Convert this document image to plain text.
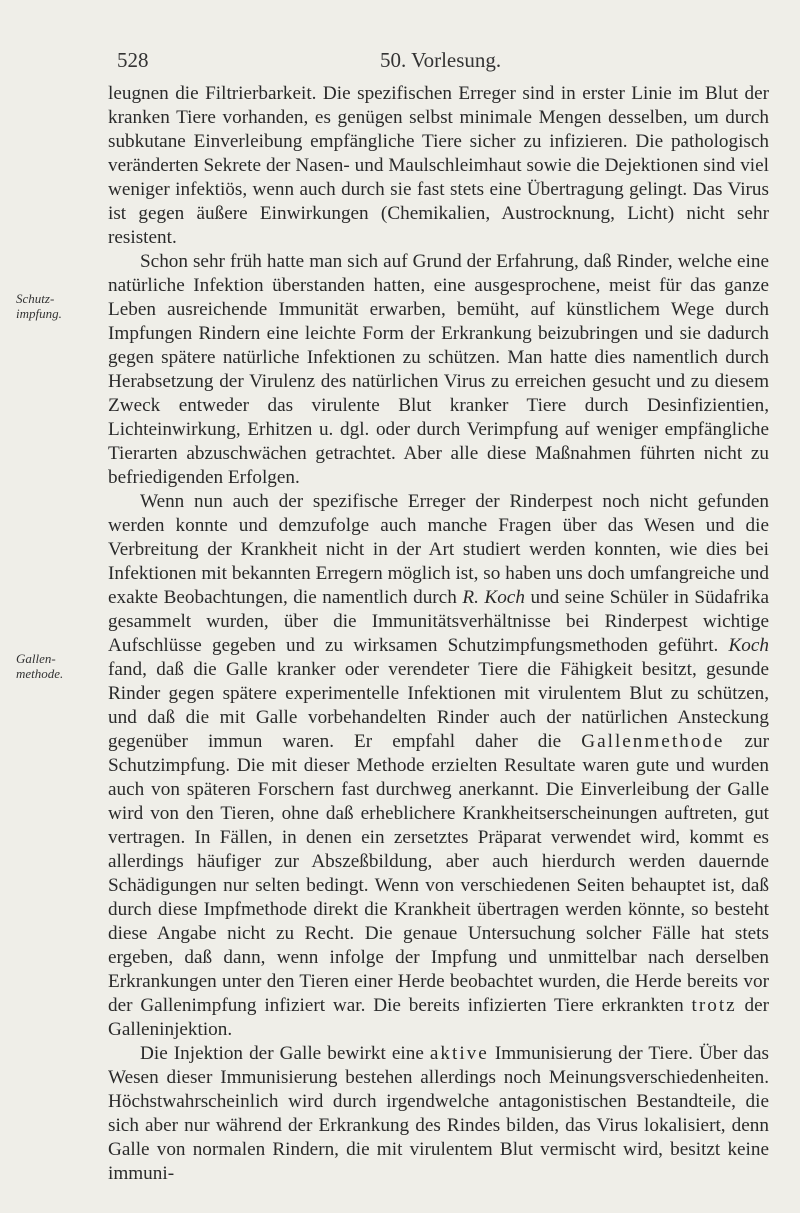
528	50. Vorlesung.
Schutz-
impfung.
Gallen-
methode.

leugnen die Filtrierbarkeit. Die spezifischen Erreger sind in erster Linie im Blut der kranken Tiere vorhanden, es genügen selbst minimale Mengen desselben, um durch subkutane Einverleibung empfängliche Tiere sicher zu infizieren. Die pathologisch veränderten Sekrete der Nasen- und Maulschleimhaut sowie die Dejektionen sind viel weniger infektiös, wenn auch durch sie fast stets eine Übertragung gelingt. Das Virus ist gegen äußere Einwirkungen (Chemikalien, Austrocknung, Licht) nicht sehr resistent.

Schon sehr früh hatte man sich auf Grund der Erfahrung, daß Rinder, welche eine natürliche Infektion überstanden hatten, eine ausgesprochene, meist für das ganze Leben ausreichende Immunität erwarben, bemüht, auf künstlichem Wege durch Impfungen Rindern eine leichte Form der Erkrankung beizubringen und sie dadurch gegen spätere natürliche Infektionen zu schützen. Man hatte dies namentlich durch Herabsetzung der Virulenz des natürlichen Virus zu erreichen gesucht und zu diesem Zweck entweder das virulente Blut kranker Tiere durch Desinfizientien, Lichteinwirkung, Erhitzen u. dgl. oder durch Verimpfung auf weniger empfängliche Tierarten abzuschwächen getrachtet. Aber alle diese Maßnahmen führten nicht zu befriedigenden Erfolgen.

Wenn nun auch der spezifische Erreger der Rinderpest noch nicht gefunden werden konnte und demzufolge auch manche Fragen über das Wesen und die Verbreitung der Krankheit nicht in der Art studiert werden konnten, wie dies bei Infektionen mit bekannten Erregern möglich ist, so haben uns doch umfangreiche und exakte Beobachtungen, die namentlich durch R. Koch und seine Schüler in Südafrika gesammelt wurden, über die Immunitätsverhältnisse bei Rinderpest wichtige Aufschlüsse gegeben und zu wirksamen Schutzimpfungsmethoden geführt. Koch fand, daß die Galle kranker oder verendeter Tiere die Fähigkeit besitzt, gesunde Rinder gegen spätere experimentelle Infektionen mit virulentem Blut zu schützen, und daß die mit Galle vorbehandelten Rinder auch der natürlichen Ansteckung gegenüber immun waren. Er empfahl daher die Gallenmethode zur Schutzimpfung. Die mit dieser Methode erzielten Resultate waren gute und wurden auch von späteren Forschern fast durchweg anerkannt. Die Einverleibung der Galle wird von den Tieren, ohne daß erheblichere Krankheitserscheinungen auftreten, gut vertragen. In Fällen, in denen ein zersetztes Präparat verwendet wird, kommt es allerdings häufiger zur Abszeßbildung, aber auch hierdurch werden dauernde Schädigungen nur selten bedingt. Wenn von verschiedenen Seiten behauptet ist, daß durch diese Impfmethode direkt die Krankheit übertragen werden könnte, so besteht diese Angabe nicht zu Recht. Die genaue Untersuchung solcher Fälle hat stets ergeben, daß dann, wenn infolge der Impfung und unmittelbar nach derselben Erkrankungen unter den Tieren einer Herde beobachtet wurden, die Herde bereits vor der Gallenimpfung infiziert war. Die bereits infizierten Tiere erkrankten trotz der Galleninjektion.

Die Injektion der Galle bewirkt eine aktive Immunisierung der Tiere. Über das Wesen dieser Immunisierung bestehen allerdings noch Meinungsverschiedenheiten. Höchstwahrscheinlich wird durch irgendwelche antagonistischen Bestandteile, die sich aber nur während der Erkrankung des Rindes bilden, das Virus lokalisiert, denn Galle von normalen Rindern, die mit virulentem Blut vermischt wird, besitzt keine immuni-
